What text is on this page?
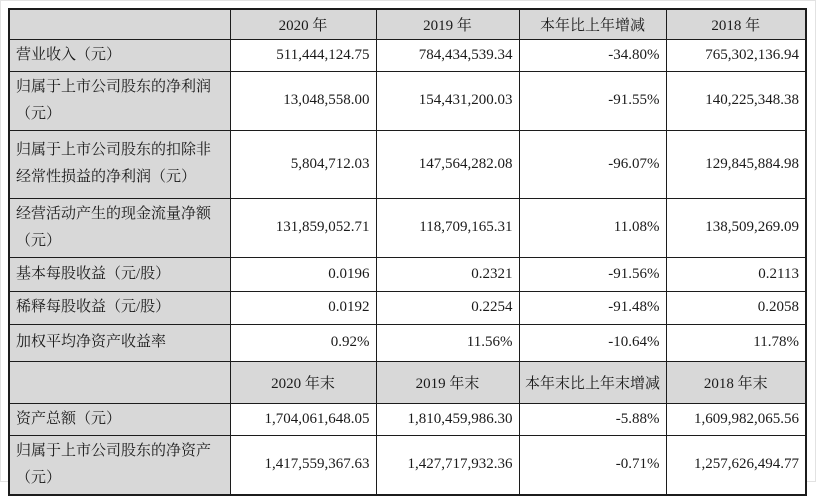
	2020 年	2019 年	本年比上年增减	2018 年
营业收入（元）	511,444,124.75	784,434,539.34	-34.80%	765,302,136.94
归属于上市公司股东的净利润（元）	13,048,558.00	154,431,200.03	-91.55%	140,225,348.38
归属于上市公司股东的扣除非经常性损益的净利润（元）	5,804,712.03	147,564,282.08	-96.07%	129,845,884.98
经营活动产生的现金流量净额（元）	131,859,052.71	118,709,165.31	11.08%	138,509,269.09
基本每股收益（元/股）	0.0196	0.2321	-91.56%	0.2113
稀释每股收益（元/股）	0.0192	0.2254	-91.48%	0.2058
加权平均净资产收益率	0.92%	11.56%	-10.64%	11.78%
	2020 年末	2019 年末	本年末比上年末增减	2018 年末
资产总额（元）	1,704,061,648.05	1,810,459,986.30	-5.88%	1,609,982,065.56
归属于上市公司股东的净资产（元）	1,417,559,367.63	1,427,717,932.36	-0.71%	1,257,626,494.77
